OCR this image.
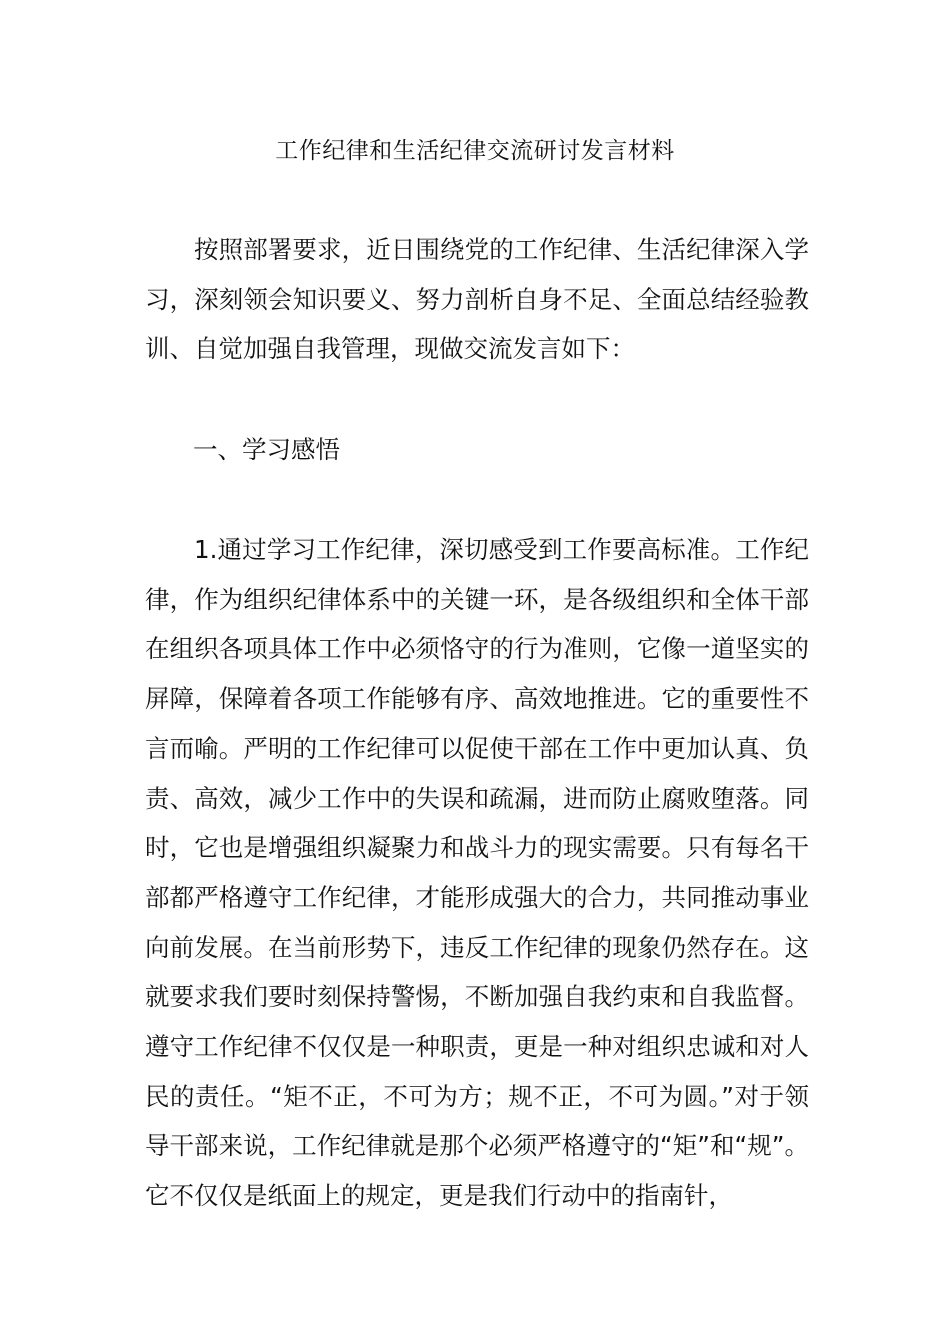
工作纪律和生活纪律交流研讨发言材料

按照部署要求，近日围绕党的工作纪律、生活纪律深入学习，深刻领会知识要义、努力剖析自身不足、全面总结经验教训、自觉加强自我管理，现做交流发言如下：

一、学习感悟

1.通过学习工作纪律，深切感受到工作要高标准。工作纪律，作为组织纪律体系中的关键一环，是各级组织和全体干部在组织各项具体工作中必须恪守的行为准则，它像一道坚实的屏障，保障着各项工作能够有序、高效地推进。它的重要性不言而喻。严明的工作纪律可以促使干部在工作中更加认真、负责、高效，减少工作中的失误和疏漏，进而防止腐败堕落。同时，它也是增强组织凝聚力和战斗力的现实需要。只有每名干部都严格遵守工作纪律，才能形成强大的合力，共同推动事业向前发展。在当前形势下，违反工作纪律的现象仍然存在。这就要求我们要时刻保持警惕，不断加强自我约束和自我监督。遵守工作纪律不仅仅是一种职责，更是一种对组织忠诚和对人民的责任。“矩不正，不可为方；规不正，不可为圆。”对于领导干部来说，工作纪律就是那个必须严格遵守的“矩”和“规”。它不仅仅是纸面上的规定，更是我们行动中的指南针，
